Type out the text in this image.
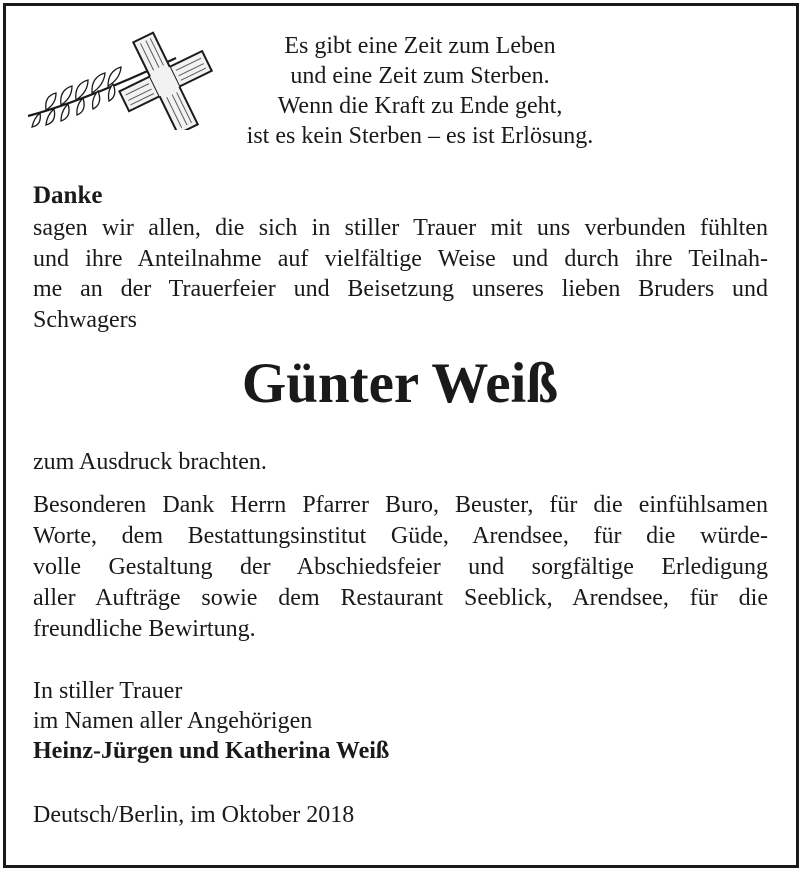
Es gibt eine Zeit zum Leben
und eine Zeit zum Sterben.
Wenn die Kraft zu Ende geht,
ist es kein Sterben – es ist Erlösung.
Danke
sagen wir allen, die sich in stiller Trauer mit uns verbunden fühlten
und ihre Anteilnahme auf vielfältige Weise und durch ihre Teilnah-
me an der Trauerfeier und Beisetzung unseres lieben Bruders und
Schwagers
Günter Weiß
zum Ausdruck brachten.
Besonderen Dank Herrn Pfarrer Buro, Beuster, für die einfühlsamen
Worte, dem Bestattungsinstitut Güde, Arendsee, für die würde-
volle Gestaltung der Abschiedsfeier und sorgfältige Erledigung
aller Aufträge sowie dem Restaurant Seeblick, Arendsee, für die
freundliche Bewirtung.
In stiller Trauer
im Namen aller Angehörigen
Heinz-Jürgen und Katherina Weiß
Deutsch/Berlin, im Oktober 2018
